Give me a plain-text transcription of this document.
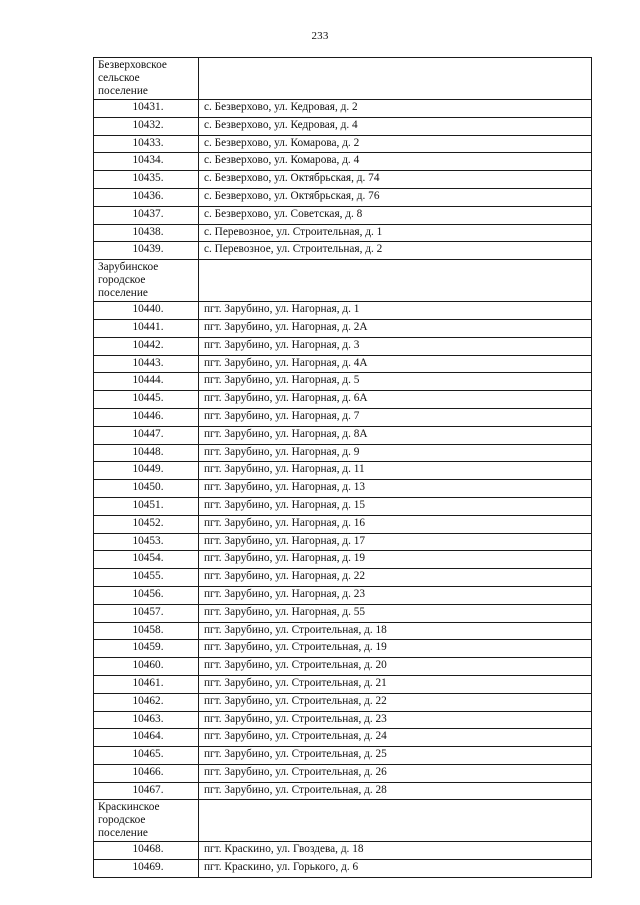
233
Безверховское
сельское
поселение	
10431.	с. Безверхово, ул. Кедровая, д. 2
10432.	с. Безверхово, ул. Кедровая, д. 4
10433.	с. Безверхово, ул. Комарова, д. 2
10434.	с. Безверхово, ул. Комарова, д. 4
10435.	с. Безверхово, ул. Октябрьская, д. 74
10436.	с. Безверхово, ул. Октябрьская, д. 76
10437.	с. Безверхово, ул. Советская, д. 8
10438.	с. Перевозное, ул. Строительная, д. 1
10439.	с. Перевозное, ул. Строительная, д. 2
Зарубинское
городское
поселение	
10440.	пгт. Зарубино, ул. Нагорная, д. 1
10441.	пгт. Зарубино, ул. Нагорная, д. 2А
10442.	пгт. Зарубино, ул. Нагорная, д. 3
10443.	пгт. Зарубино, ул. Нагорная, д. 4А
10444.	пгт. Зарубино, ул. Нагорная, д. 5
10445.	пгт. Зарубино, ул. Нагорная, д. 6А
10446.	пгт. Зарубино, ул. Нагорная, д. 7
10447.	пгт. Зарубино, ул. Нагорная, д. 8А
10448.	пгт. Зарубино, ул. Нагорная, д. 9
10449.	пгт. Зарубино, ул. Нагорная, д. 11
10450.	пгт. Зарубино, ул. Нагорная, д. 13
10451.	пгт. Зарубино, ул. Нагорная, д. 15
10452.	пгт. Зарубино, ул. Нагорная, д. 16
10453.	пгт. Зарубино, ул. Нагорная, д. 17
10454.	пгт. Зарубино, ул. Нагорная, д. 19
10455.	пгт. Зарубино, ул. Нагорная, д. 22
10456.	пгт. Зарубино, ул. Нагорная, д. 23
10457.	пгт. Зарубино, ул. Нагорная, д. 55
10458.	пгт. Зарубино, ул. Строительная, д. 18
10459.	пгт. Зарубино, ул. Строительная, д. 19
10460.	пгт. Зарубино, ул. Строительная, д. 20
10461.	пгт. Зарубино, ул. Строительная, д. 21
10462.	пгт. Зарубино, ул. Строительная, д. 22
10463.	пгт. Зарубино, ул. Строительная, д. 23
10464.	пгт. Зарубино, ул. Строительная, д. 24
10465.	пгт. Зарубино, ул. Строительная, д. 25
10466.	пгт. Зарубино, ул. Строительная, д. 26
10467.	пгт. Зарубино, ул. Строительная, д. 28
Краскинское
городское
поселение	
10468.	пгт. Краскино, ул. Гвоздева, д. 18
10469.	пгт. Краскино, ул. Горького, д. 6
